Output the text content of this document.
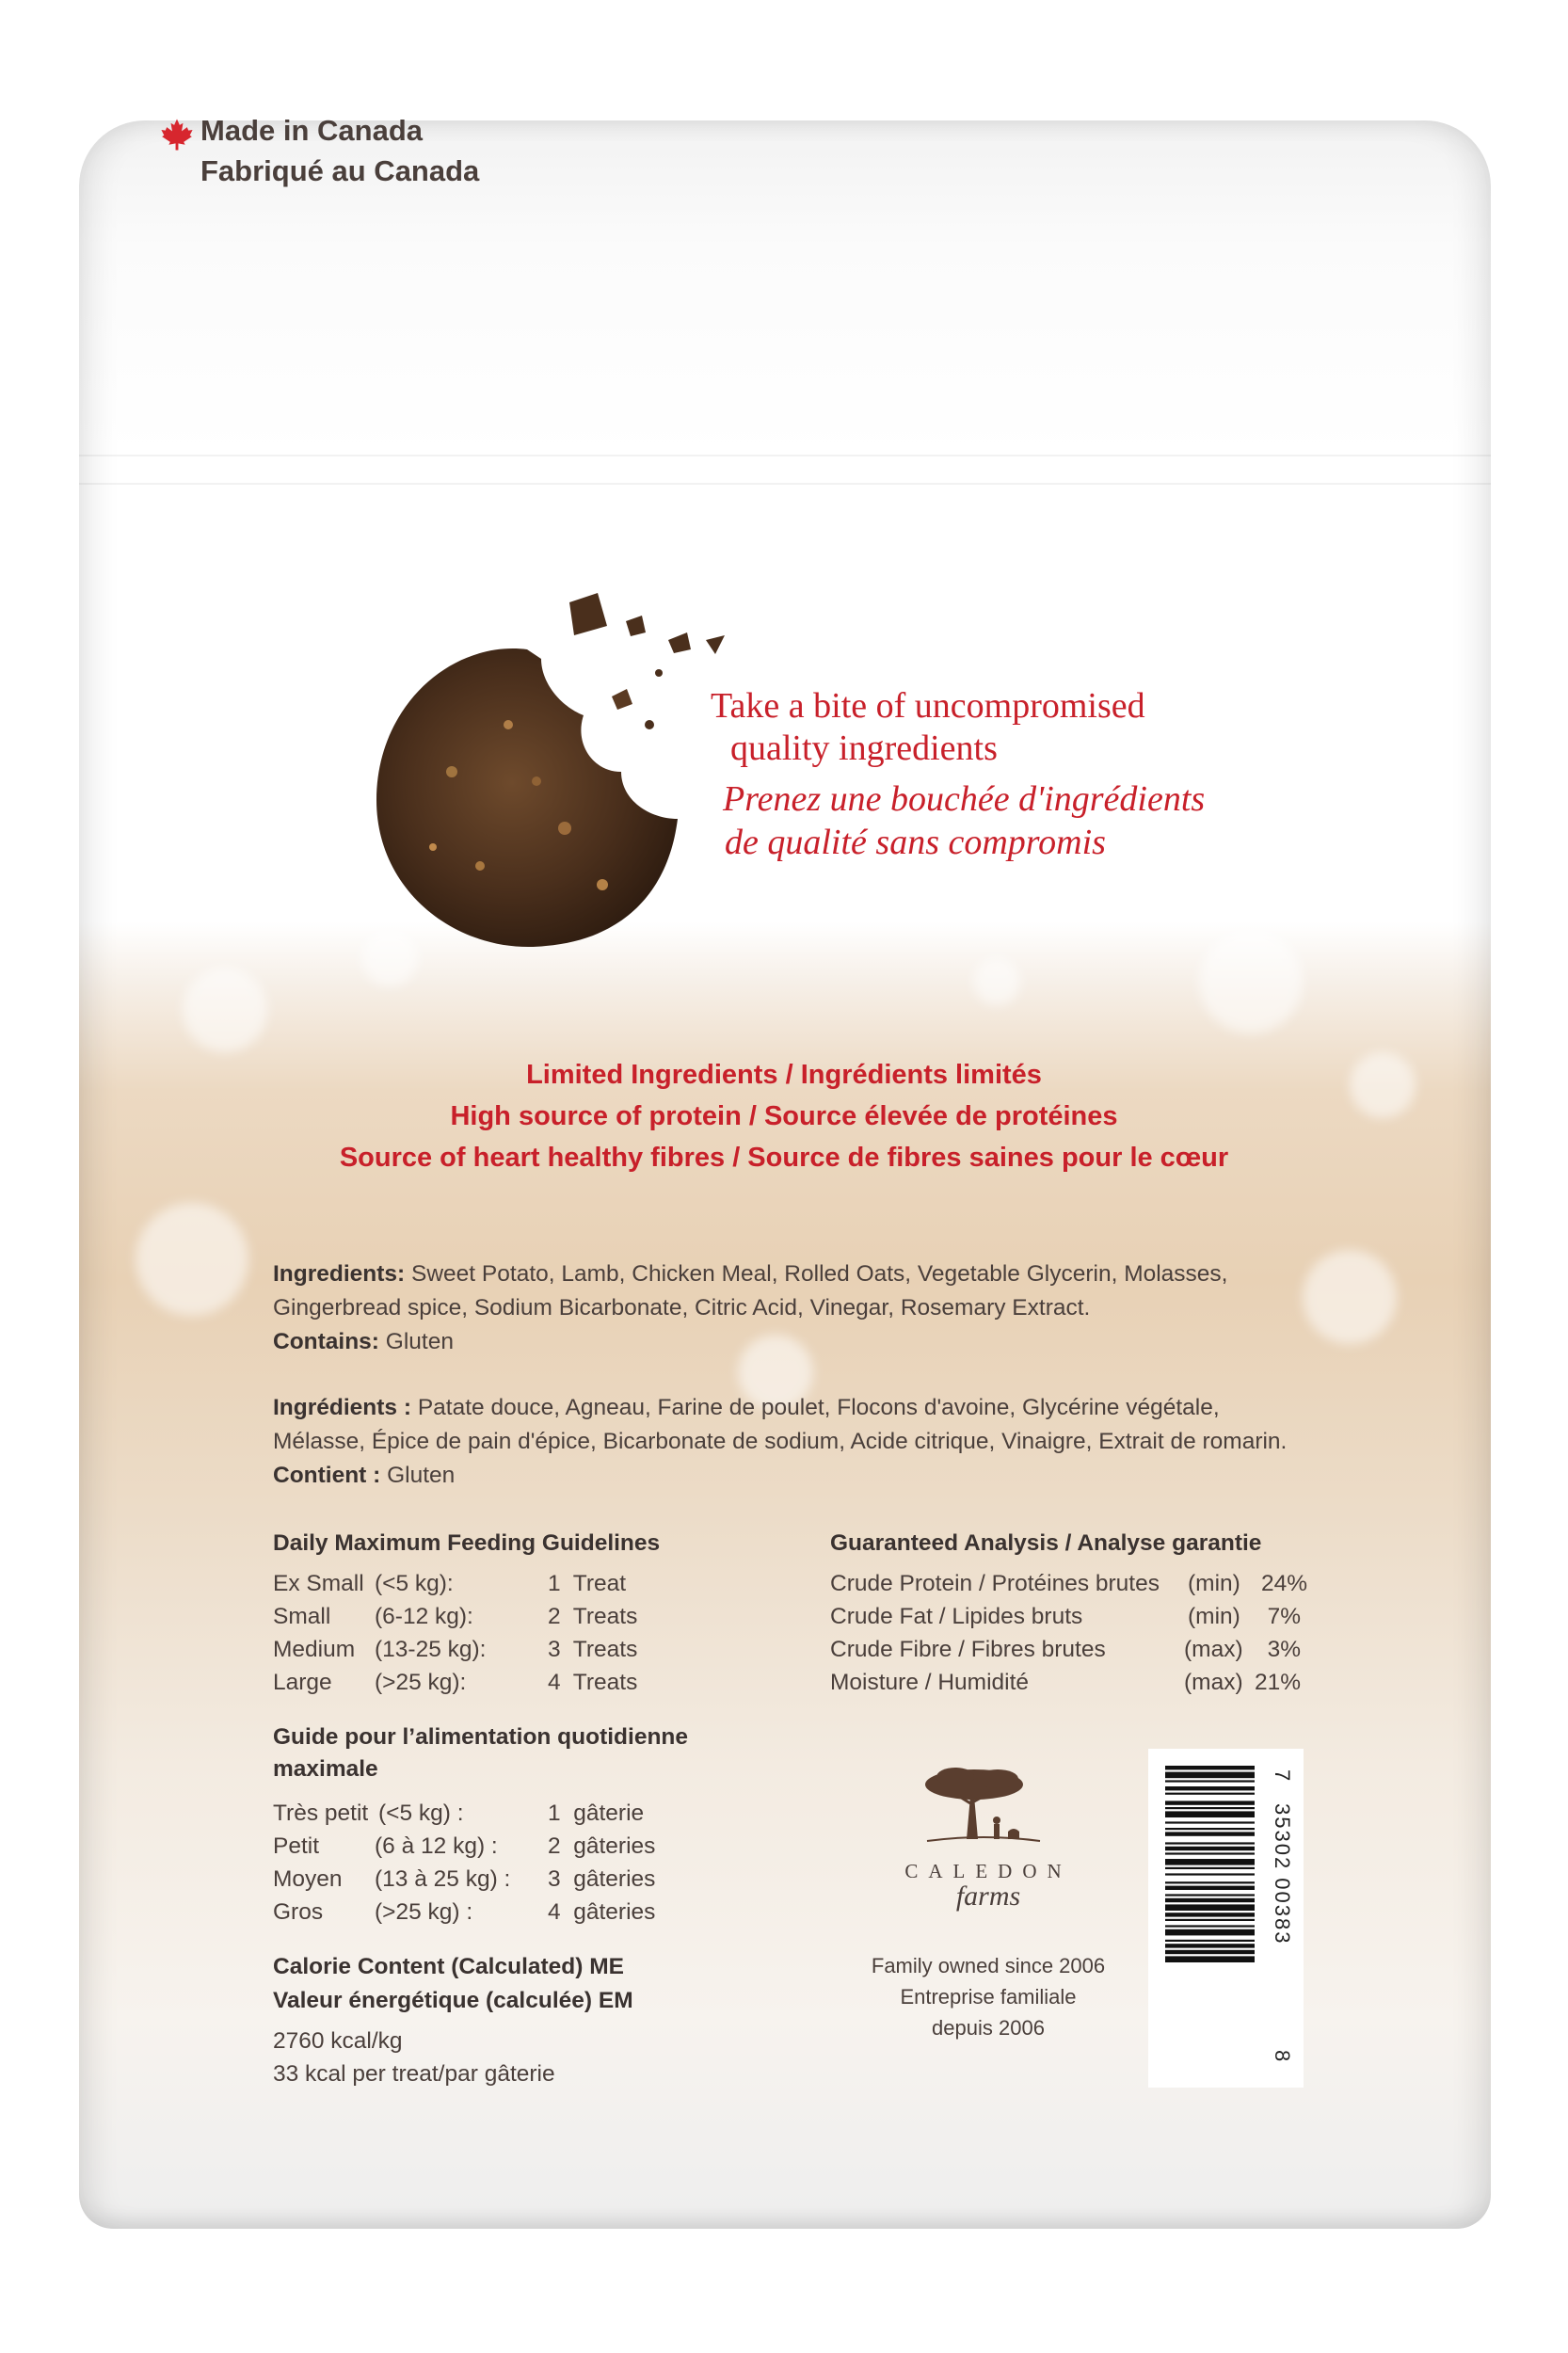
Made in Canada
Fabriqué au Canada
Take a bite of uncompromised
quality ingredients
Prenez une bouchée d'ingrédients
de qualité sans compromis
Limited Ingredients / Ingrédients limités
High source of protein / Source élevée de protéines
Source of heart healthy fibres / Source de fibres saines pour le cœur
Ingredients: Sweet Potato, Lamb, Chicken Meal, Rolled Oats, Vegetable Glycerin, Molasses, Gingerbread spice, Sodium Bicarbonate, Citric Acid, Vinegar, Rosemary Extract.
Contains: Gluten
Ingrédients : Patate douce, Agneau, Farine de poulet, Flocons d'avoine, Glycérine végétale, Mélasse, Épice de pain d'épice, Bicarbonate de sodium, Acide citrique, Vinaigre, Extrait de romarin.
Contient : Gluten
Daily Maximum Feeding Guidelines
Ex Small (<5 kg):	1  Treat
Small (6-12 kg):	2  Treats
Medium (13-25 kg):	3  Treats
Large (>25 kg):	4  Treats
Guide pour l’alimentation quotidienne
maximale
Très petit (<5 kg) :	1  gâterie
Petit (6 à 12 kg) : 2  gâteries
Moyen (13 à 25 kg) : 3  gâteries
Gros (>25 kg) :	4  gâteries
Calorie Content (Calculated) ME
Valeur énergétique (calculée) EM
2760 kcal/kg
33 kcal per treat/par gâterie
Guaranteed Analysis / Analyse garantie
Crude Protein / Protéines brutes (min) 24%
Crude Fat / Lipides bruts	(min) 7%
Crude Fibre / Fibres brutes	(max) 3%
Moisture / Humidité	(max) 21%
CALEDON
farms
Family owned since 2006
Entreprise familiale
depuis 2006
7
35302 00383
8
